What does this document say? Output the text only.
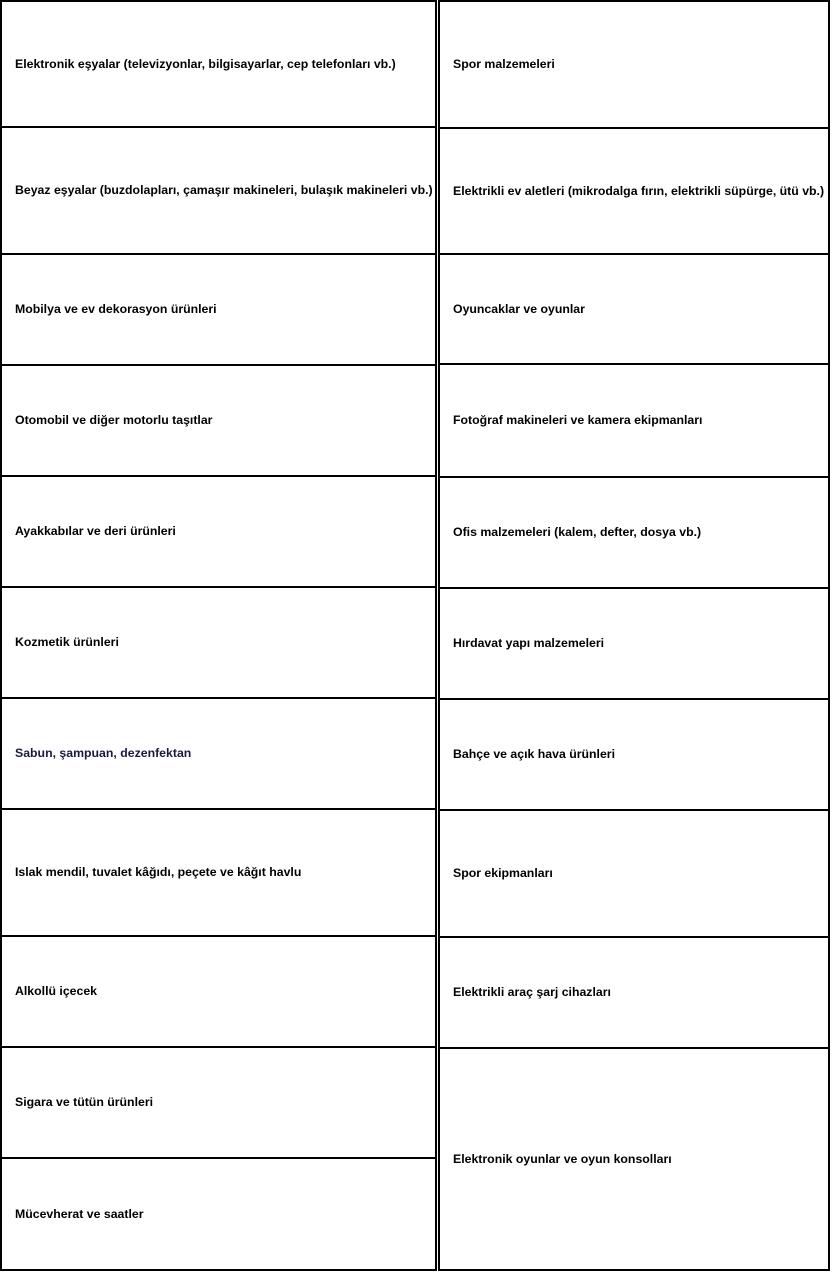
Elektronik eşyalar (televizyonlar, bilgisayarlar, cep telefonları vb.)
Beyaz eşyalar (buzdolapları, çamaşır makineleri, bulaşık makineleri vb.)
Mobilya ve ev dekorasyon ürünleri
Otomobil ve diğer motorlu taşıtlar
Ayakkabılar ve deri ürünleri
Kozmetik ürünleri
Sabun, şampuan, dezenfektan
Islak mendil, tuvalet kâğıdı, peçete ve kâğıt havlu
Alkollü içecek
Sigara ve tütün ürünleri
Mücevherat ve saatler
Spor malzemeleri
Elektrikli ev aletleri (mikrodalga fırın, elektrikli süpürge, ütü vb.)
Oyuncaklar ve oyunlar
Fotoğraf makineleri ve kamera ekipmanları
Ofis malzemeleri (kalem, defter, dosya vb.)
Hırdavat yapı malzemeleri
Bahçe ve açık hava ürünleri
Spor ekipmanları
Elektrikli araç şarj cihazları
Elektronik oyunlar ve oyun konsolları
